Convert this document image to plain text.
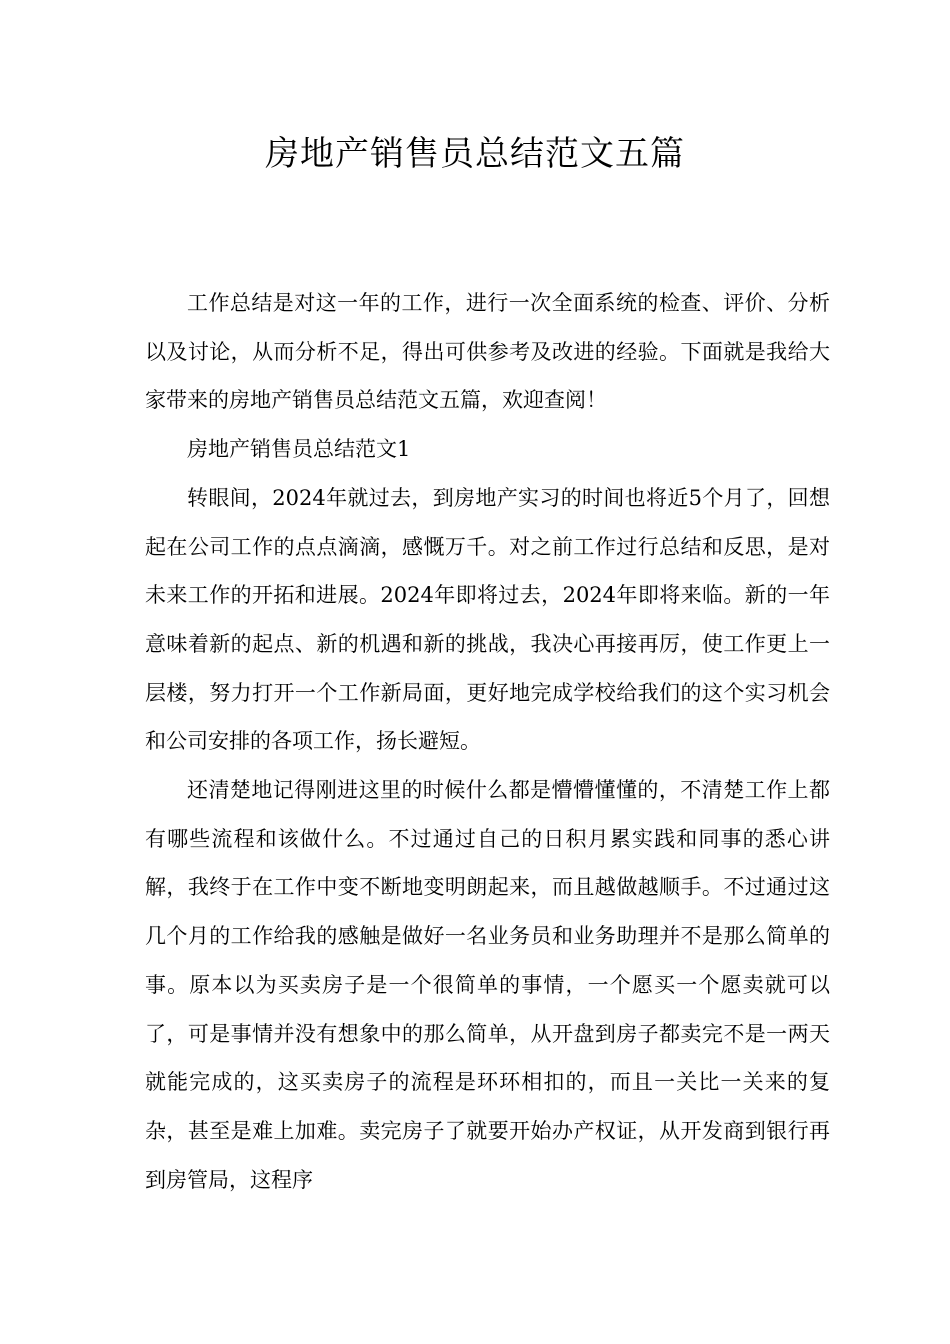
房地产销售员总结范文五篇

工作总结是对这一年的工作，进行一次全面系统的检查、评价、分析以及讨论，从而分析不足，得出可供参考及改进的经验。下面就是我给大家带来的房地产销售员总结范文五篇，欢迎查阅！

房地产销售员总结范文1

转眼间，2024年就过去，到房地产实习的时间也将近5个月了，回想起在公司工作的点点滴滴，感慨万千。对之前工作过行总结和反思，是对未来工作的开拓和进展。2024年即将过去，2024年即将来临。新的一年意味着新的起点、新的机遇和新的挑战，我决心再接再厉，使工作更上一层楼，努力打开一个工作新局面，更好地完成学校给我们的这个实习机会和公司安排的各项工作，扬长避短。

还清楚地记得刚进这里的时候什么都是懵懵懂懂的，不清楚工作上都有哪些流程和该做什么。不过通过自己的日积月累实践和同事的悉心讲解，我终于在工作中变不断地变明朗起来，而且越做越顺手。不过通过这几个月的工作给我的感触是做好一名业务员和业务助理并不是那么简单的事。原本以为买卖房子是一个很简单的事情，一个愿买一个愿卖就可以了，可是事情并没有想象中的那么简单，从开盘到房子都卖完不是一两天就能完成的，这买卖房子的流程是环环相扣的，而且一关比一关来的复杂，甚至是难上加难。卖完房子了就要开始办产权证，从开发商到银行再到房管局，这程序
